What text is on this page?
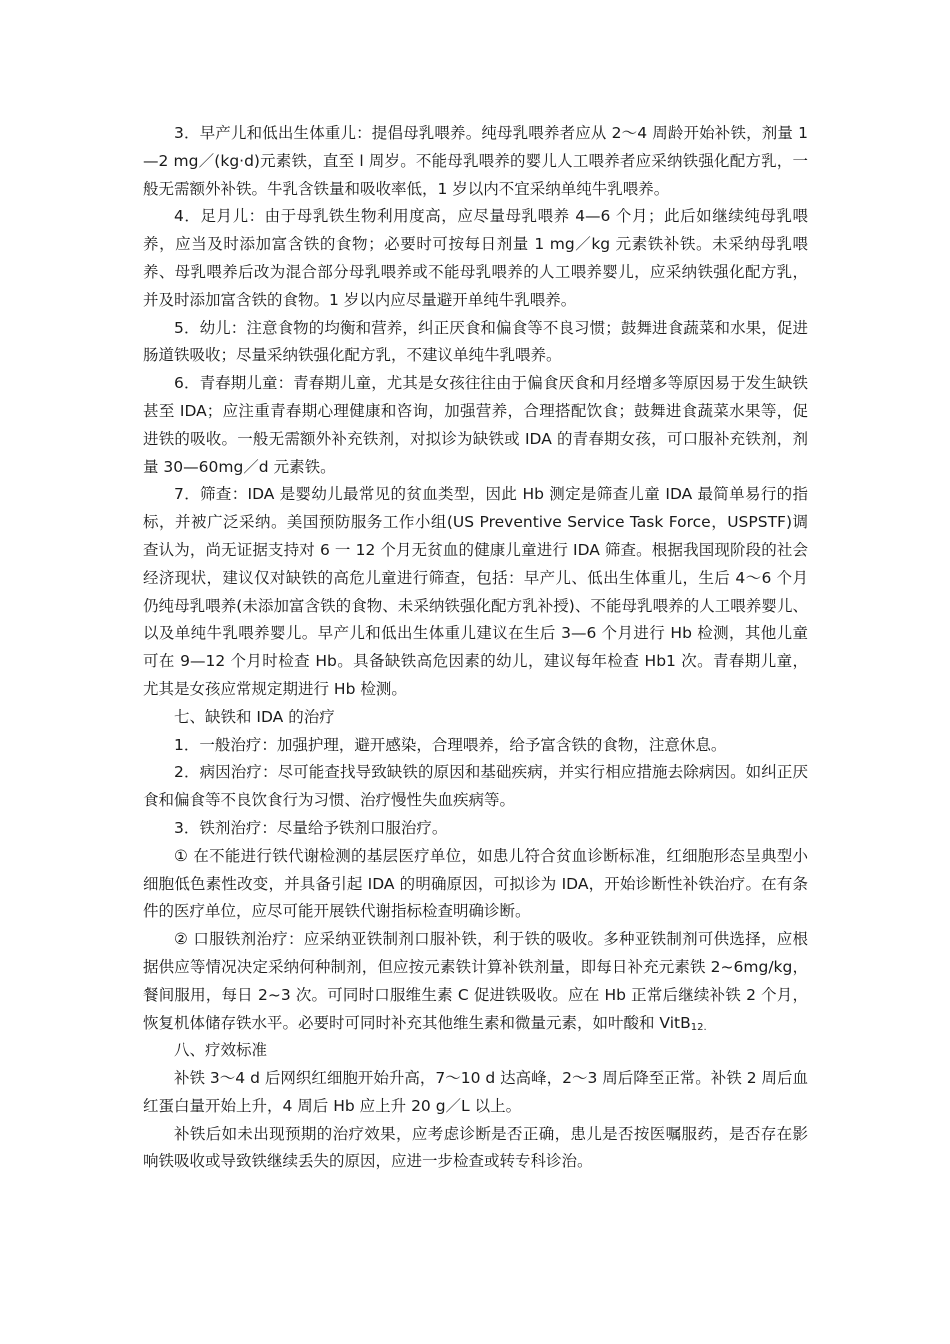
3．早产儿和低出生体重儿：提倡母乳喂养。纯母乳喂养者应从 2～4 周龄开始补铁，剂量 1—2 mg／(kg·d)元素铁，直至 l 周岁。不能母乳喂养的婴儿人工喂养者应采纳铁强化配方乳，一般无需额外补铁。牛乳含铁量和吸收率低，1 岁以内不宜采纳单纯牛乳喂养。

4．足月儿：由于母乳铁生物利用度高，应尽量母乳喂养 4—6 个月；此后如继续纯母乳喂养，应当及时添加富含铁的食物；必要时可按每日剂量 1 mg／kg 元素铁补铁。未采纳母乳喂养、母乳喂养后改为混合部分母乳喂养或不能母乳喂养的人工喂养婴儿，应采纳铁强化配方乳，并及时添加富含铁的食物。1 岁以内应尽量避开单纯牛乳喂养。

5．幼儿：注意食物的均衡和营养，纠正厌食和偏食等不良习惯；鼓舞进食蔬菜和水果，促进肠道铁吸收；尽量采纳铁强化配方乳，不建议单纯牛乳喂养。

6．青春期儿童：青春期儿童，尤其是女孩往往由于偏食厌食和月经增多等原因易于发生缺铁甚至 IDA；应注重青春期心理健康和咨询，加强营养，合理搭配饮食；鼓舞进食蔬菜水果等，促进铁的吸收。一般无需额外补充铁剂，对拟诊为缺铁或 IDA 的青春期女孩，可口服补充铁剂，剂量 30—60mg／d 元素铁。

7．筛查：IDA 是婴幼儿最常见的贫血类型，因此 Hb 测定是筛查儿童 IDA 最简单易行的指标，并被广泛采纳。美国预防服务工作小组(US Preventive Service Task Force，USPSTF)调查认为，尚无证据支持对 6 一 12 个月无贫血的健康儿童进行 IDA 筛查。根据我国现阶段的社会经济现状，建议仅对缺铁的高危儿童进行筛查，包括：早产儿、低出生体重儿，生后 4～6 个月仍纯母乳喂养(未添加富含铁的食物、未采纳铁强化配方乳补授)、不能母乳喂养的人工喂养婴儿、以及单纯牛乳喂养婴儿。早产儿和低出生体重儿建议在生后 3—6 个月进行 Hb 检测，其他儿童可在 9—12 个月时检查 Hb。具备缺铁高危因素的幼儿，建议每年检查 Hb1 次。青春期儿童，尤其是女孩应常规定期进行 Hb 检测。

七、缺铁和 IDA 的治疗

1．一般治疗：加强护理，避开感染，合理喂养，给予富含铁的食物，注意休息。

2．病因治疗：尽可能查找导致缺铁的原因和基础疾病，并实行相应措施去除病因。如纠正厌食和偏食等不良饮食行为习惯、治疗慢性失血疾病等。

3．铁剂治疗：尽量给予铁剂口服治疗。

① 在不能进行铁代谢检测的基层医疗单位，如患儿符合贫血诊断标准，红细胞形态呈典型小细胞低色素性改变，并具备引起 IDA 的明确原因，可拟诊为 IDA，开始诊断性补铁治疗。在有条件的医疗单位，应尽可能开展铁代谢指标检查明确诊断。

② 口服铁剂治疗：应采纳亚铁制剂口服补铁，利于铁的吸收。多种亚铁制剂可供选择，应根据供应等情况决定采纳何种制剂，但应按元素铁计算补铁剂量，即每日补充元素铁 2~6mg/kg，餐间服用，每日 2~3 次。可同时口服维生素 C 促进铁吸收。应在 Hb 正常后继续补铁 2 个月，恢复机体储存铁水平。必要时可同时补充其他维生素和微量元素，如叶酸和 VitB$_{12.}$

八、疗效标准

补铁 3～4 d 后网织红细胞开始升高，7～10 d 达高峰，2～3 周后降至正常。补铁 2 周后血红蛋白量开始上升，4 周后 Hb 应上升 20 g／L 以上。

补铁后如未出现预期的治疗效果，应考虑诊断是否正确，患儿是否按医嘱服药，是否存在影响铁吸收或导致铁继续丢失的原因，应进一步检查或转专科诊治。
